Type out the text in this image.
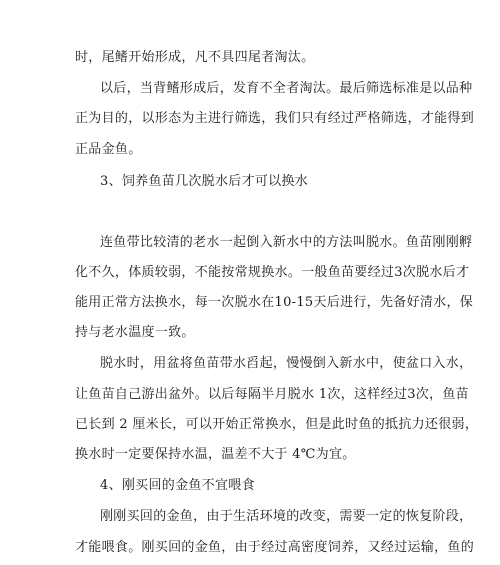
时，尾鳍开始形成，凡不具四尾者淘汰。
以后，当背鳍形成后，发育不全者淘汰。最后筛选标准是以品种
正为目的，以形态为主进行筛选，我们只有经过严格筛选，才能得到
正品金鱼。
3、饲养鱼苗几次脱水后才可以换水
连鱼带比较清的老水一起倒入新水中的方法叫脱水。鱼苗刚刚孵
化不久，体质较弱，不能按常规换水。一般鱼苗要经过3次脱水后才
能用正常方法换水，每一次脱水在10-15天后进行，先备好清水，保
持与老水温度一致。
脱水时，用盆将鱼苗带水舀起，慢慢倒入新水中，使盆口入水，
让鱼苗自己游出盆外。以后每隔半月脱水 1次，这样经过3次，鱼苗
已长到 2 厘米长，可以开始正常换水，但是此时鱼的抵抗力还很弱，
换水时一定要保持水温，温差不大于 4℃为宜。
4、刚买回的金鱼不宜喂食
刚刚买回的金鱼，由于生活环境的改变，需要一定的恢复阶段，
才能喂食。刚买回的金鱼，由于经过高密度饲养，又经过运输，鱼的
